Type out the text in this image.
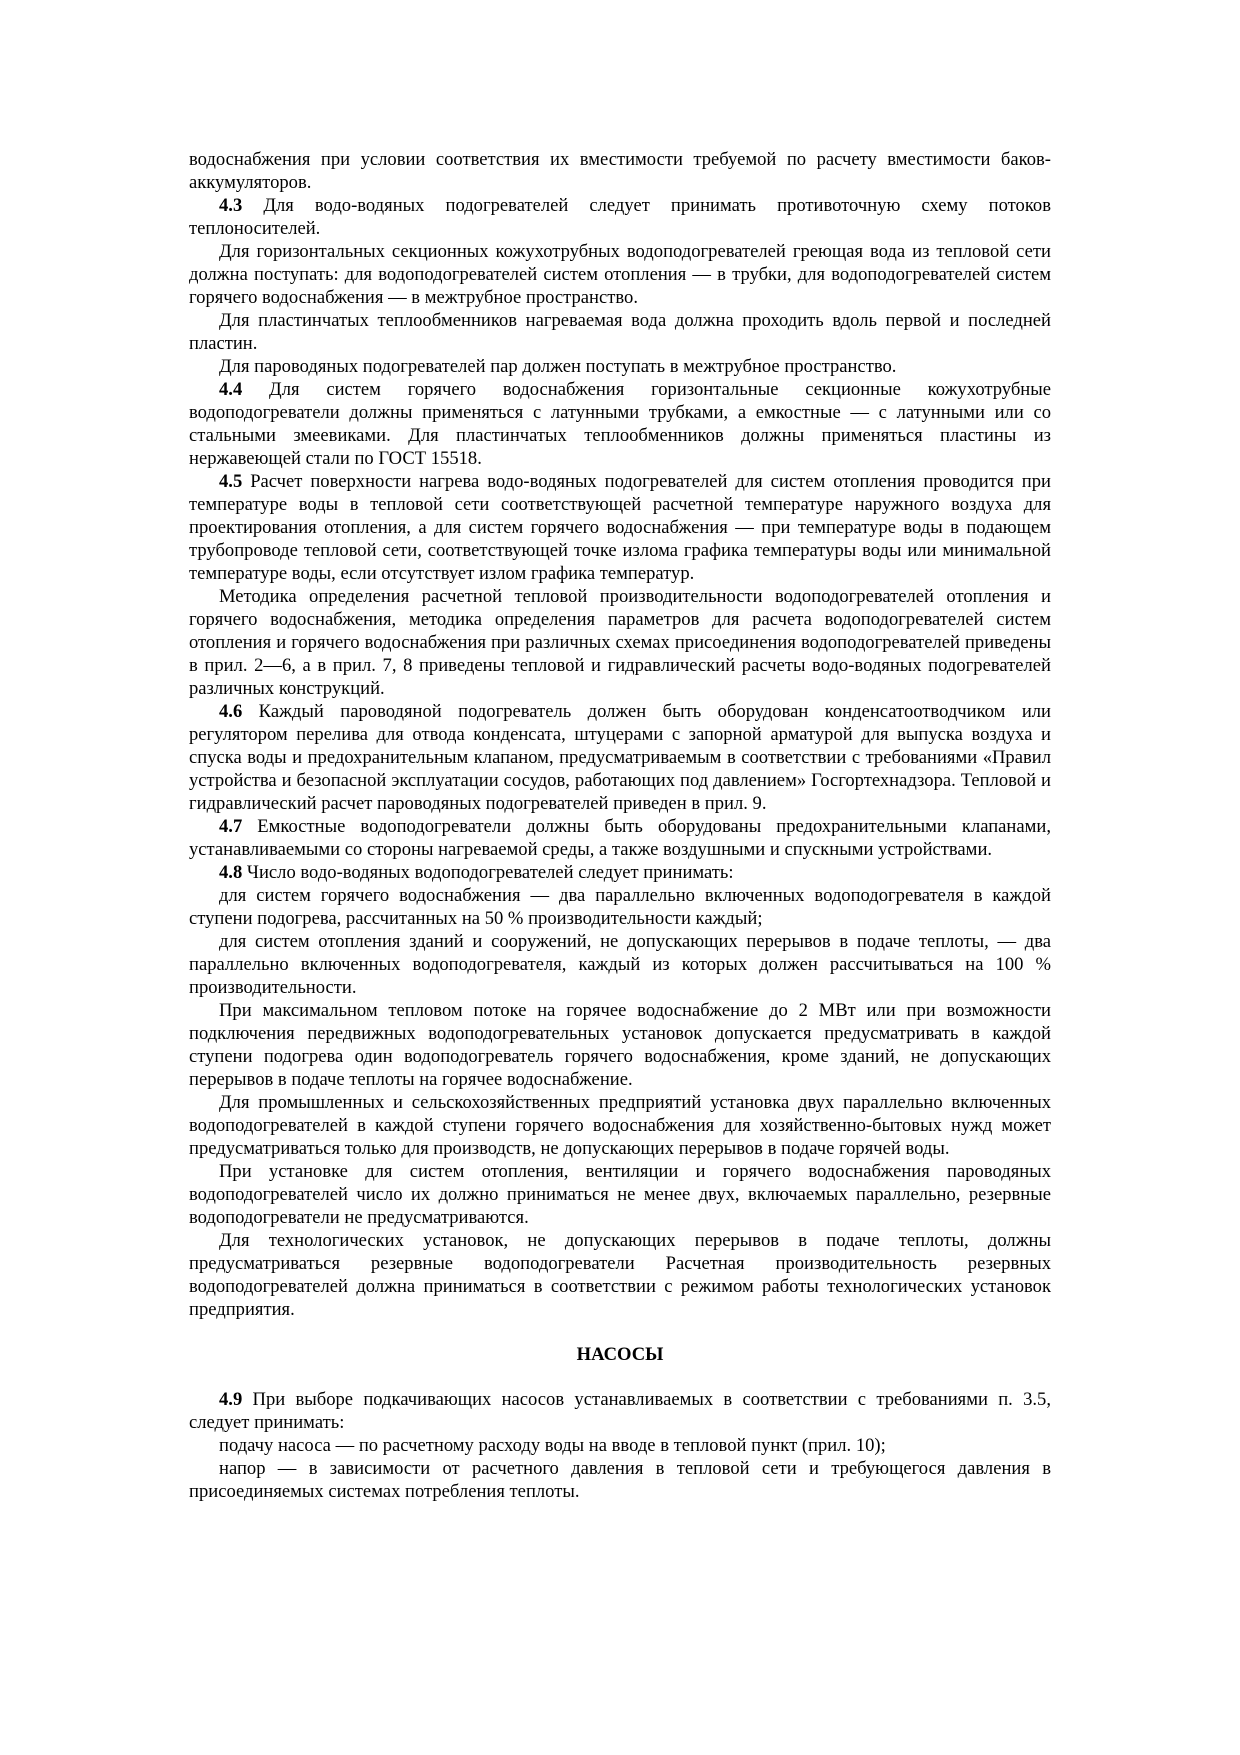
водоснабжения при условии соответствия их вместимости требуемой по расчету вместимости баков-аккумуляторов.

4.3 Для водо-водяных подогревателей следует принимать противоточную схему потоков теплоносителей.

Для горизонтальных секционных кожухотрубных водоподогревателей греющая вода из тепловой сети должна поступать: для водоподогревателей систем отопления — в трубки, для водоподогревателей систем горячего водоснабжения — в межтрубное пространство.

Для пластинчатых теплообменников нагреваемая вода должна проходить вдоль первой и последней пластин.

Для пароводяных подогревателей пар должен поступать в межтрубное пространство.

4.4 Для систем горячего водоснабжения горизонтальные секционные кожухотрубные водоподогреватели должны применяться с латунными трубками, а емкостные — с латунными или со стальными змеевиками. Для пластинчатых теплообменников должны применяться пластины из нержавеющей стали по ГОСТ 15518.

4.5 Расчет поверхности нагрева водо-водяных подогревателей для систем отопления проводится при температуре воды в тепловой сети соответствующей расчетной температуре наружного воздуха для проектирования отопления, а для систем горячего водоснабжения — при температуре воды в подающем трубопроводе тепловой сети, соответствующей точке излома графика температуры воды или минимальной температуре воды, если отсутствует излом графика температур.

Методика определения расчетной тепловой производительности водоподогревателей отопления и горячего водоснабжения, методика определения параметров для расчета водоподогревателей систем отопления и горячего водоснабжения при различных схемах присоединения водоподогревателей приведены в прил. 2—6, а в прил. 7, 8 приведены тепловой и гидравлический расчеты водо-водяных подогревателей различных конструкций.

4.6 Каждый пароводяной подогреватель должен быть оборудован конденсатоотводчиком или регулятором перелива для отвода конденсата, штуцерами с запорной арматурой для выпуска воздуха и спуска воды и предохранительным клапаном, предусматриваемым в соответствии с требованиями «Правил устройства и безопасной эксплуатации сосудов, работающих под давлением» Госгортехнадзора. Тепловой и гидравлический расчет пароводяных подогревателей приведен в прил. 9.

4.7 Емкостные водоподогреватели должны быть оборудованы предохранительными клапанами, устанавливаемыми со стороны нагреваемой среды, а также воздушными и спускными устройствами.

4.8 Число водо-водяных водоподогревателей следует принимать:

для систем горячего водоснабжения — два параллельно включенных водоподогревателя в каждой ступени подогрева, рассчитанных на 50 % производительности каждый;

для систем отопления зданий и сооружений, не допускающих перерывов в подаче теплоты, — два параллельно включенных водоподогревателя, каждый из которых должен рассчитываться на 100 % производительности.

При максимальном тепловом потоке на горячее водоснабжение до 2 МВт или при возможности подключения передвижных водоподогревательных установок допускается предусматривать в каждой ступени подогрева один водоподогреватель горячего водоснабжения, кроме зданий, не допускающих перерывов в подаче теплоты на горячее водоснабжение.

Для промышленных и сельскохозяйственных предприятий установка двух параллельно включенных водоподогревателей в каждой ступени горячего водоснабжения для хозяйственно-бытовых нужд может предусматриваться только для производств, не допускающих перерывов в подаче горячей воды.

При установке для систем отопления, вентиляции и горячего водоснабжения пароводяных водоподогревателей число их должно приниматься не менее двух, включаемых параллельно, резервные водоподогреватели не предусматриваются.

Для технологических установок, не допускающих перерывов в подаче теплоты, должны предусматриваться резервные водоподогреватели Расчетная производительность резервных водоподогревателей должна приниматься в соответствии с режимом работы технологических установок предприятия.

НАСОСЫ

4.9 При выборе подкачивающих насосов устанавливаемых в соответствии с требованиями п. 3.5, следует принимать:

подачу насоса — по расчетному расходу воды на вводе в тепловой пункт (прил. 10);

напор — в зависимости от расчетного давления в тепловой сети и требующегося давления в присоединяемых системах потребления теплоты.
